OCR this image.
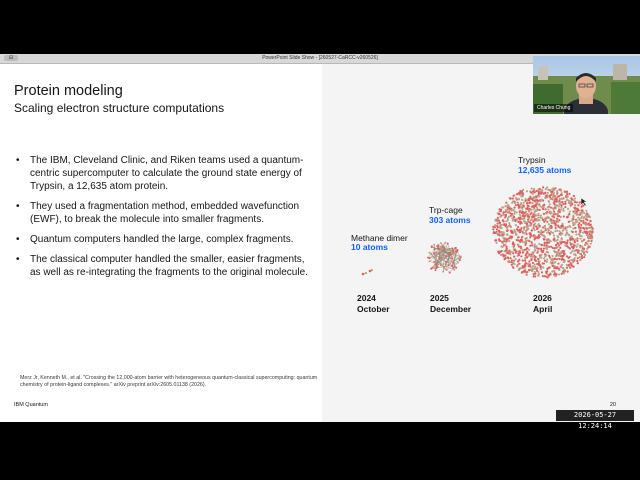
⊟	PowerPoint Slide Show - [260527-CaRCC-v260526]
Protein modeling
Scaling electron structure computations
• The IBM, Cleveland Clinic, and Riken teams used a quantum-centric supercomputer to calculate the ground state energy of Trypsin, a 12,635 atom protein.
• They used a fragmentation method, embedded wavefunction (EWF), to break the molecule into smaller fragments.
• Quantum computers handled the large, complex fragments.
• The classical computer handled the smaller, easier fragments, as well as re-integrating the fragments to the original molecule.
Merz Jr, Kenneth M., et al. "Crossing the 12,000-atom barrier with heterogeneous quantum-classical supercomputing: quantum chemistry of protein-ligand complexes." arXiv preprint arXiv:2605.01138 (2026).
IBM Quantum	20
Methane dimer
10 atoms
2024
October
Trp-cage
303 atoms
2025
December
Trypsin
12,635 atoms
2026
April
Charles Chung
2026-05-27 12:24:14
